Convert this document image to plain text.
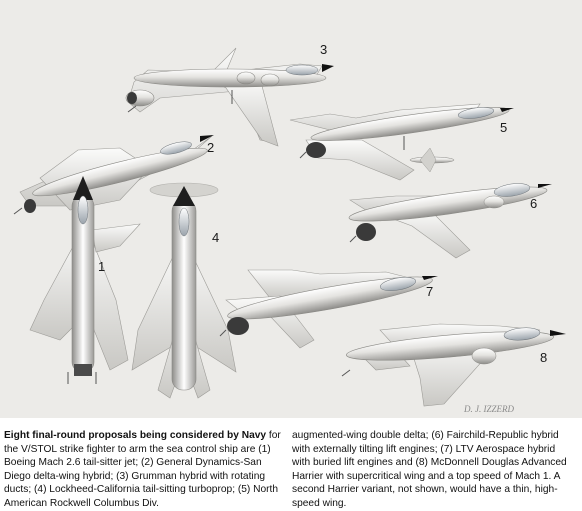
3
5
2
6
4
1
7
8
D. J. IZZERD
Eight final-round proposals being considered by Navy for the V/STOL strike fighter to arm the sea control ship are (1) Boeing Mach 2.6 tail-sitter jet; (2) General Dynamics-San Diego delta-wing hybrid; (3) Grumman hybrid with rotating ducts; (4) Lockheed-California tail-sitting turboprop; (5) North American Rockwell Columbus Div.
augmented-wing double delta; (6) Fairchild-Republic hybrid with externally tilting lift engines; (7) LTV Aerospace hybrid with buried lift engines and (8) McDonnell Douglas Advanced Harrier with supercritical wing and a top speed of Mach 1. A second Harrier variant, not shown, would have a thin, high-speed wing.
